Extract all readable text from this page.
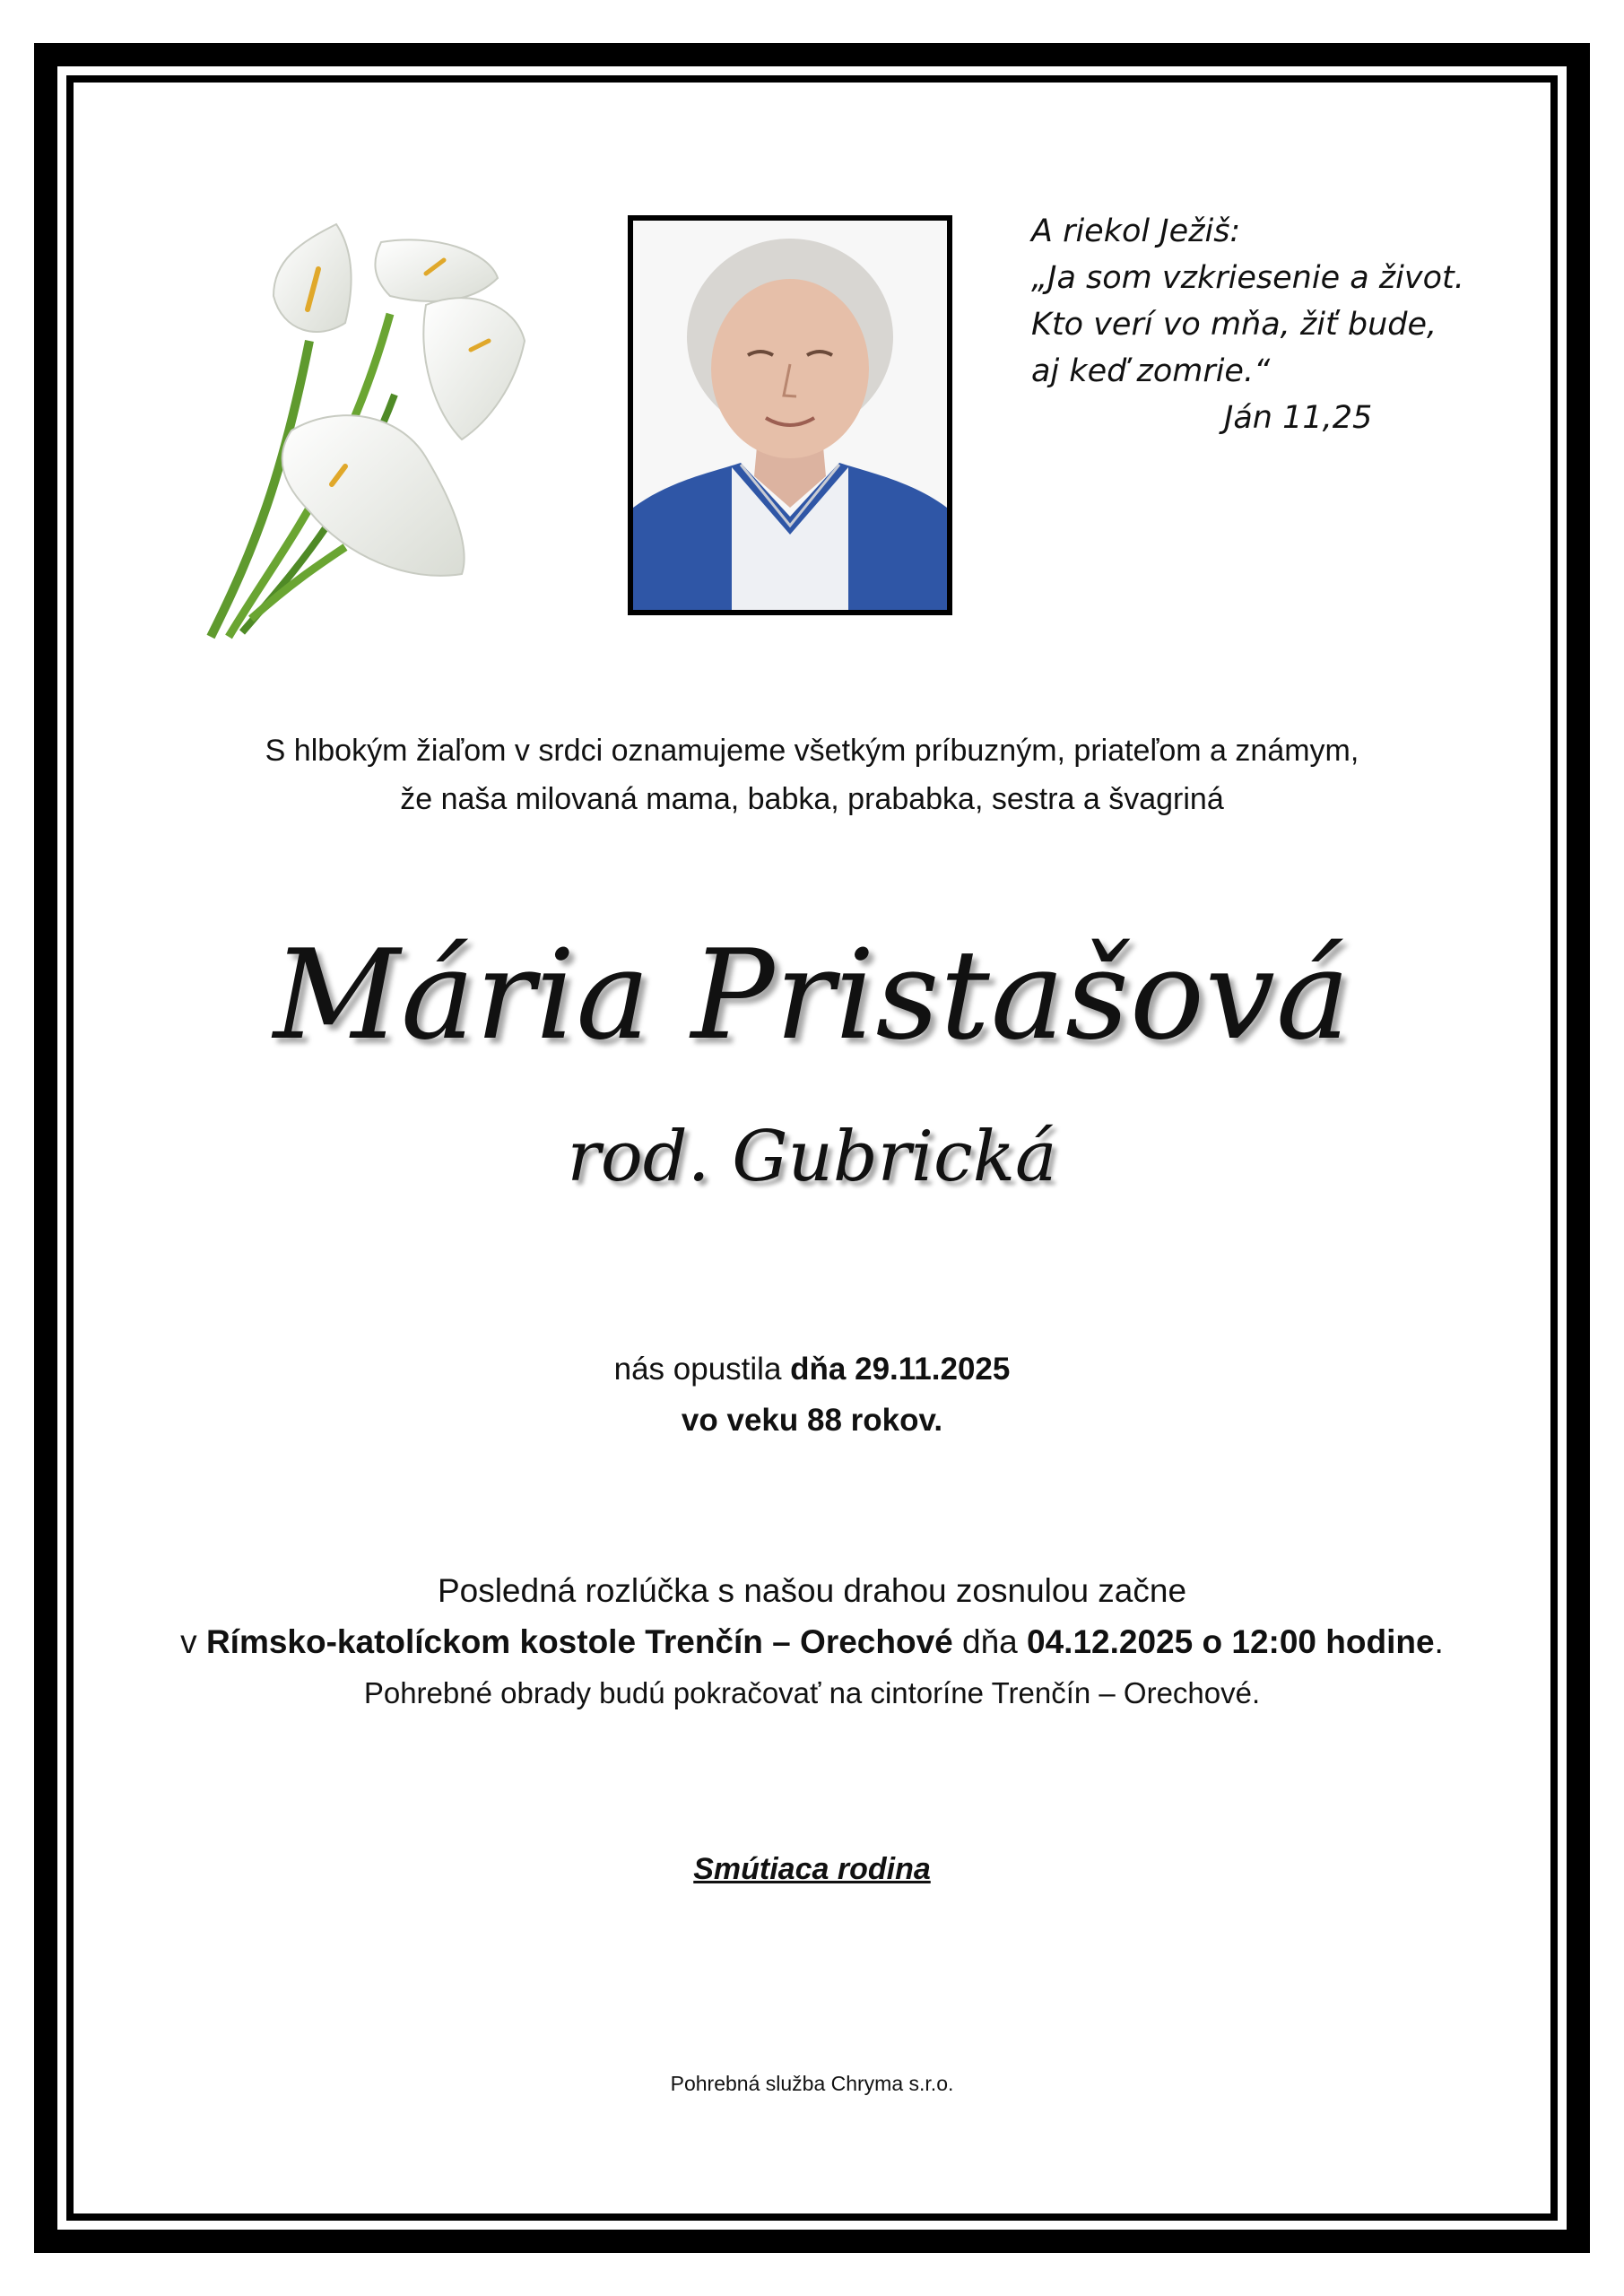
A riekol Ježiš:
„Ja som vzkriesenie a život.
Kto verí vo mňa, žiť bude,
aj keď zomrie.“
Ján 11,25
S hlbokým žiaľom v srdci oznamujeme všetkým príbuzným, priateľom a známym,
že naša milovaná mama, babka, prababka, sestra a švagriná
Mária Pristašová
rod. Gubrická
nás opustila dňa 29.11.2025
vo veku 88 rokov.
Posledná rozlúčka s našou drahou zosnulou začne
v Rímsko-katolíckom kostole Trenčín – Orechové dňa 04.12.2025 o 12:00 hodine.
Pohrebné obrady budú pokračovať na cintoríne Trenčín – Orechové.
Smútiaca rodina
Pohrebná služba Chryma s.r.o.
